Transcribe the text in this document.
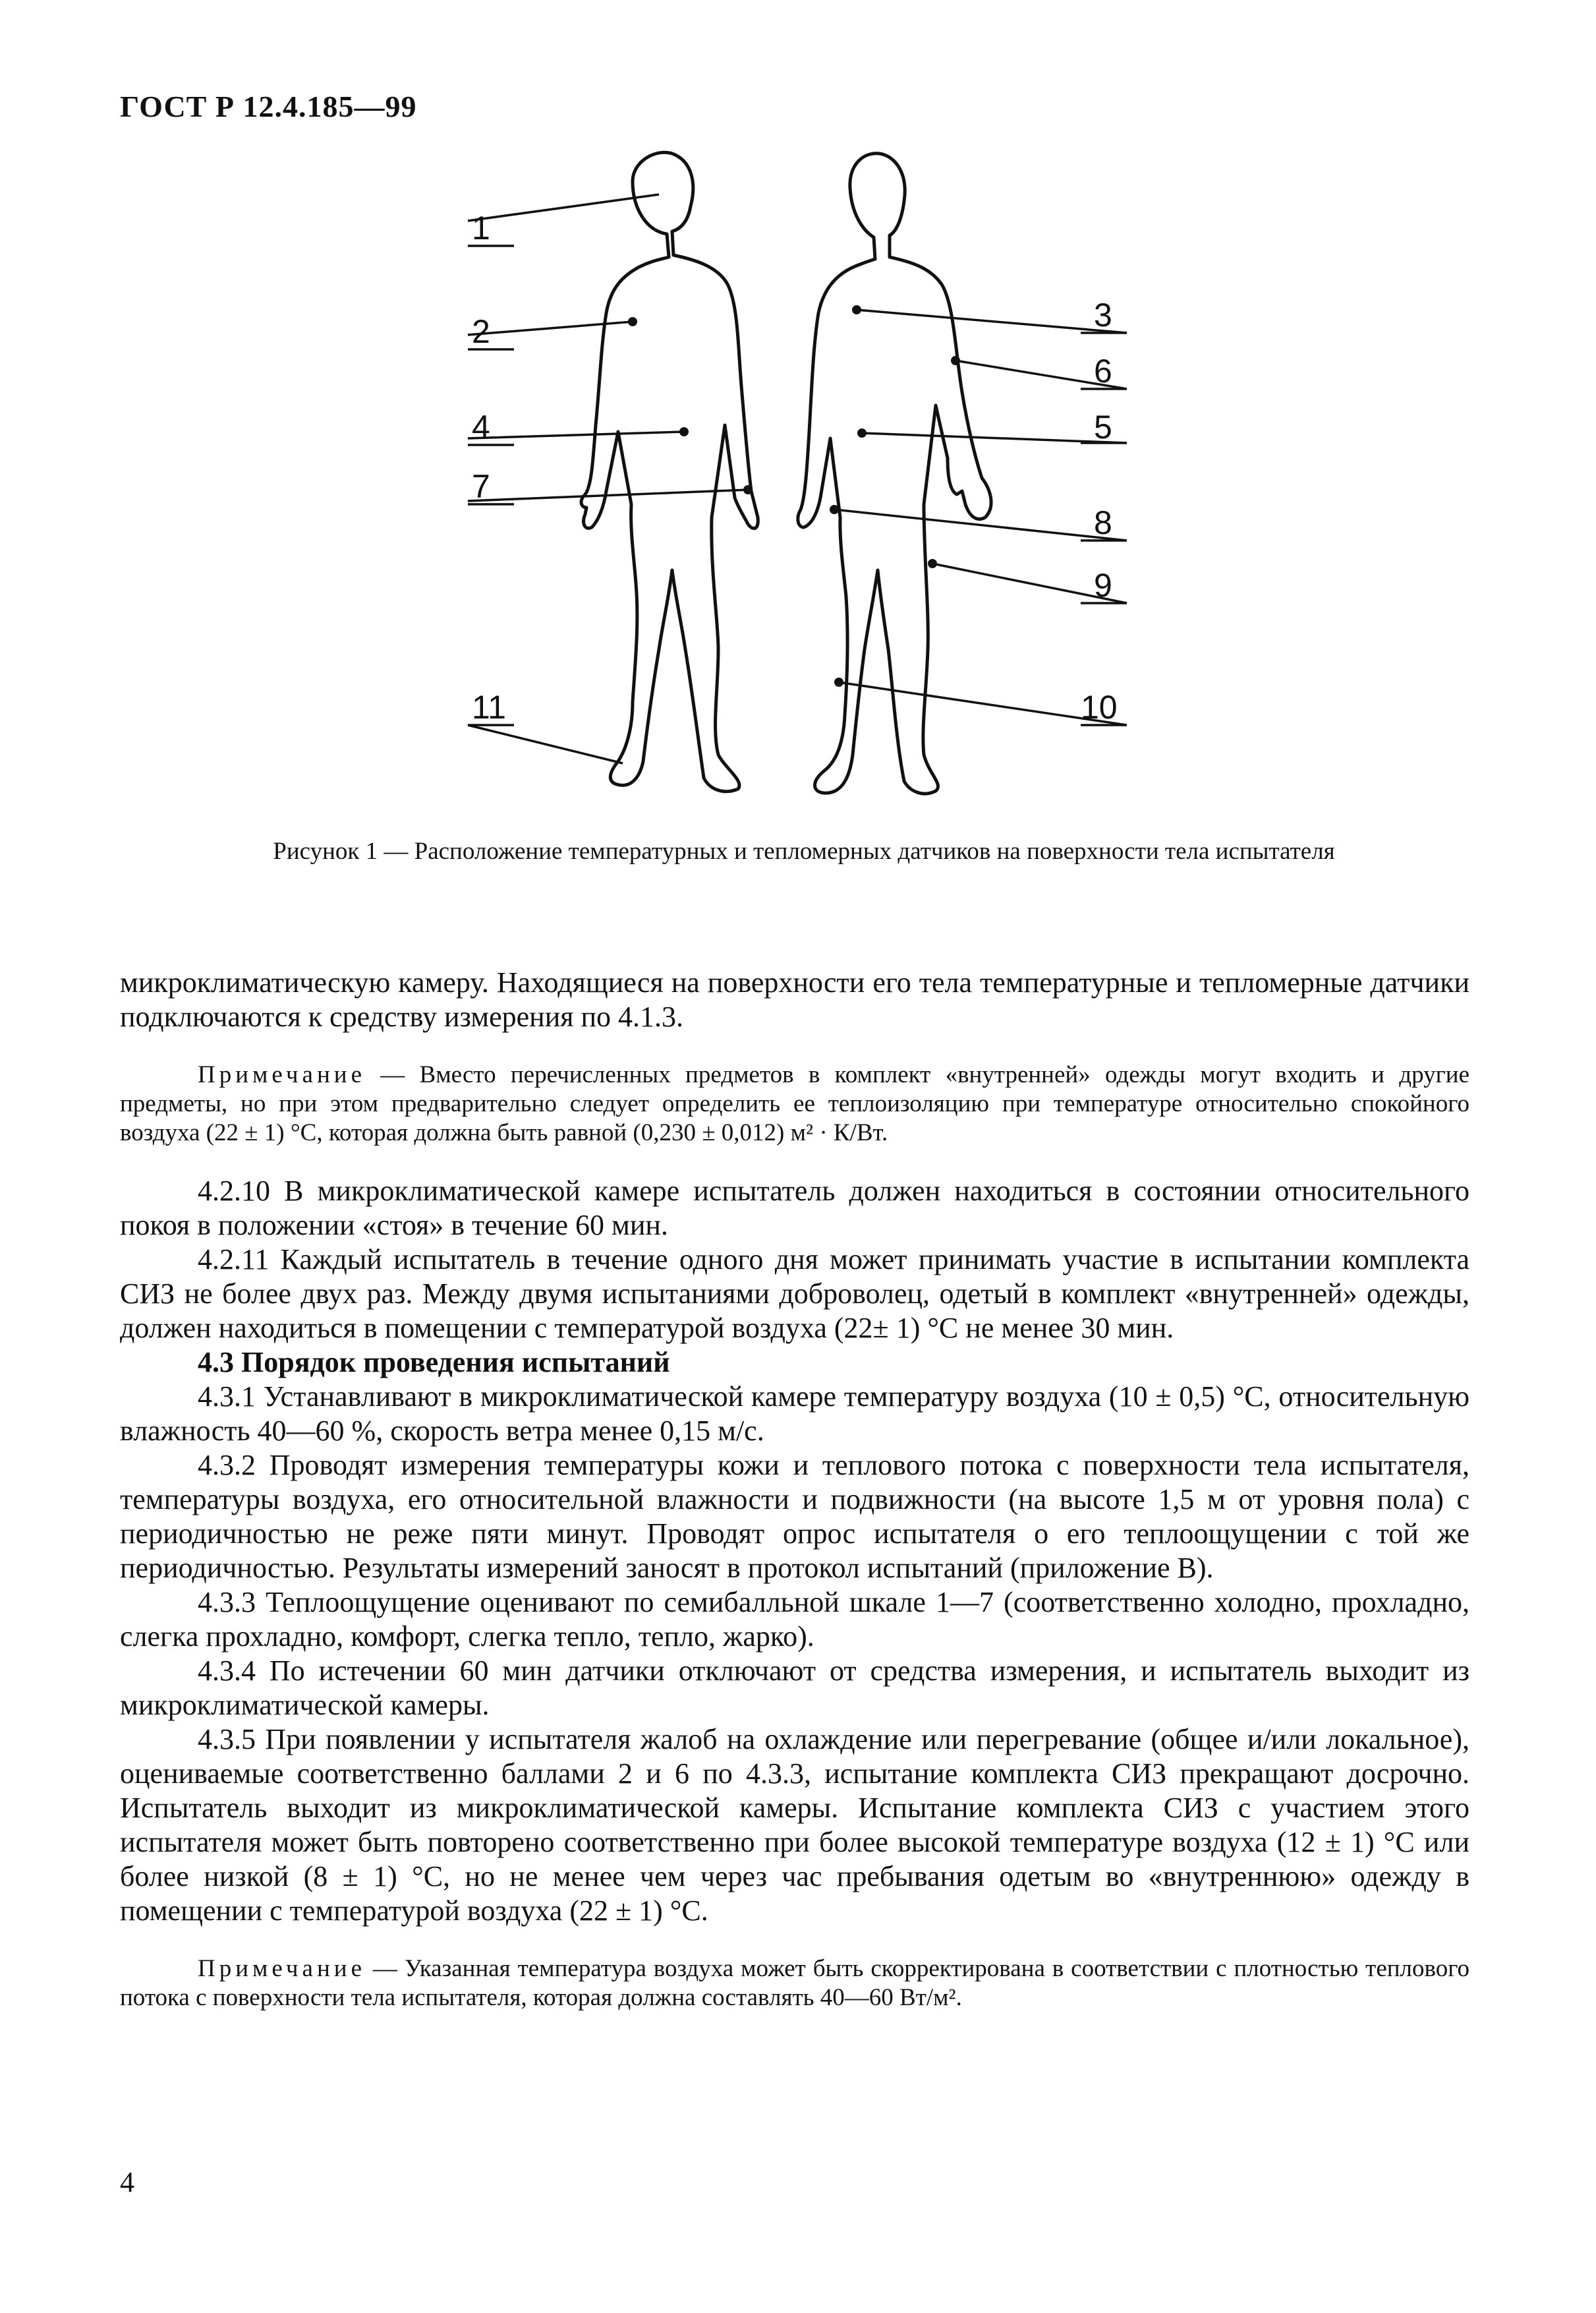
ГОСТ Р 12.4.185—99
1
2	3
4	5
6
7
8
9
10
11
Рисунок 1 — Расположение температурных и тепломерных датчиков на поверхности тела испытателя

микроклиматическую камеру. Находящиеся на поверхности его тела температурные и тепломерные датчики подключаются к средству измерения по 4.1.3.

Примечание — Вместо перечисленных предметов в комплект «внутренней» одежды могут входить и другие предметы, но при этом предварительно следует определить ее теплоизоляцию при температуре относительно спокойного воздуха (22 ± 1) °С, которая должна быть равной (0,230 ± 0,012) м² · К/Вт.

4.2.10 В микроклиматической камере испытатель должен находиться в состоянии относительного покоя в положении «стоя» в течение 60 мин.

4.2.11 Каждый испытатель в течение одного дня может принимать участие в испытании комплекта СИЗ не более двух раз. Между двумя испытаниями доброволец, одетый в комплект «внутренней» одежды, должен находиться в помещении с температурой воздуха (22± 1) °С не менее 30 мин.

4.3 Порядок проведения испытаний

4.3.1 Устанавливают в микроклиматической камере температуру воздуха (10 ± 0,5) °С, относительную влажность 40—60 %, скорость ветра менее 0,15 м/с.

4.3.2 Проводят измерения температуры кожи и теплового потока с поверхности тела испытателя, температуры воздуха, его относительной влажности и подвижности (на высоте 1,5 м от уровня пола) с периодичностью не реже пяти минут. Проводят опрос испытателя о его теплоощущении с той же периодичностью. Результаты измерений заносят в протокол испытаний (приложение В).

4.3.3 Теплоощущение оценивают по семибалльной шкале 1—7 (соответственно холодно, прохладно, слегка прохладно, комфорт, слегка тепло, тепло, жарко).

4.3.4 По истечении 60 мин датчики отключают от средства измерения, и испытатель выходит из микроклиматической камеры.

4.3.5 При появлении у испытателя жалоб на охлаждение или перегревание (общее и/или локальное), оцениваемые соответственно баллами 2 и 6 по 4.3.3, испытание комплекта СИЗ прекращают досрочно. Испытатель выходит из микроклиматической камеры. Испытание комплекта СИЗ с участием этого испытателя может быть повторено соответственно при более высокой температуре воздуха (12 ± 1) °С или более низкой (8 ± 1) °С, но не менее чем через час пребывания одетым во «внутреннюю» одежду в помещении с температурой воздуха (22 ± 1) °С.

Примечание — Указанная температура воздуха может быть скорректирована в соответствии с плотностью теплового потока с поверхности тела испытателя, которая должна составлять 40—60 Вт/м².

4
